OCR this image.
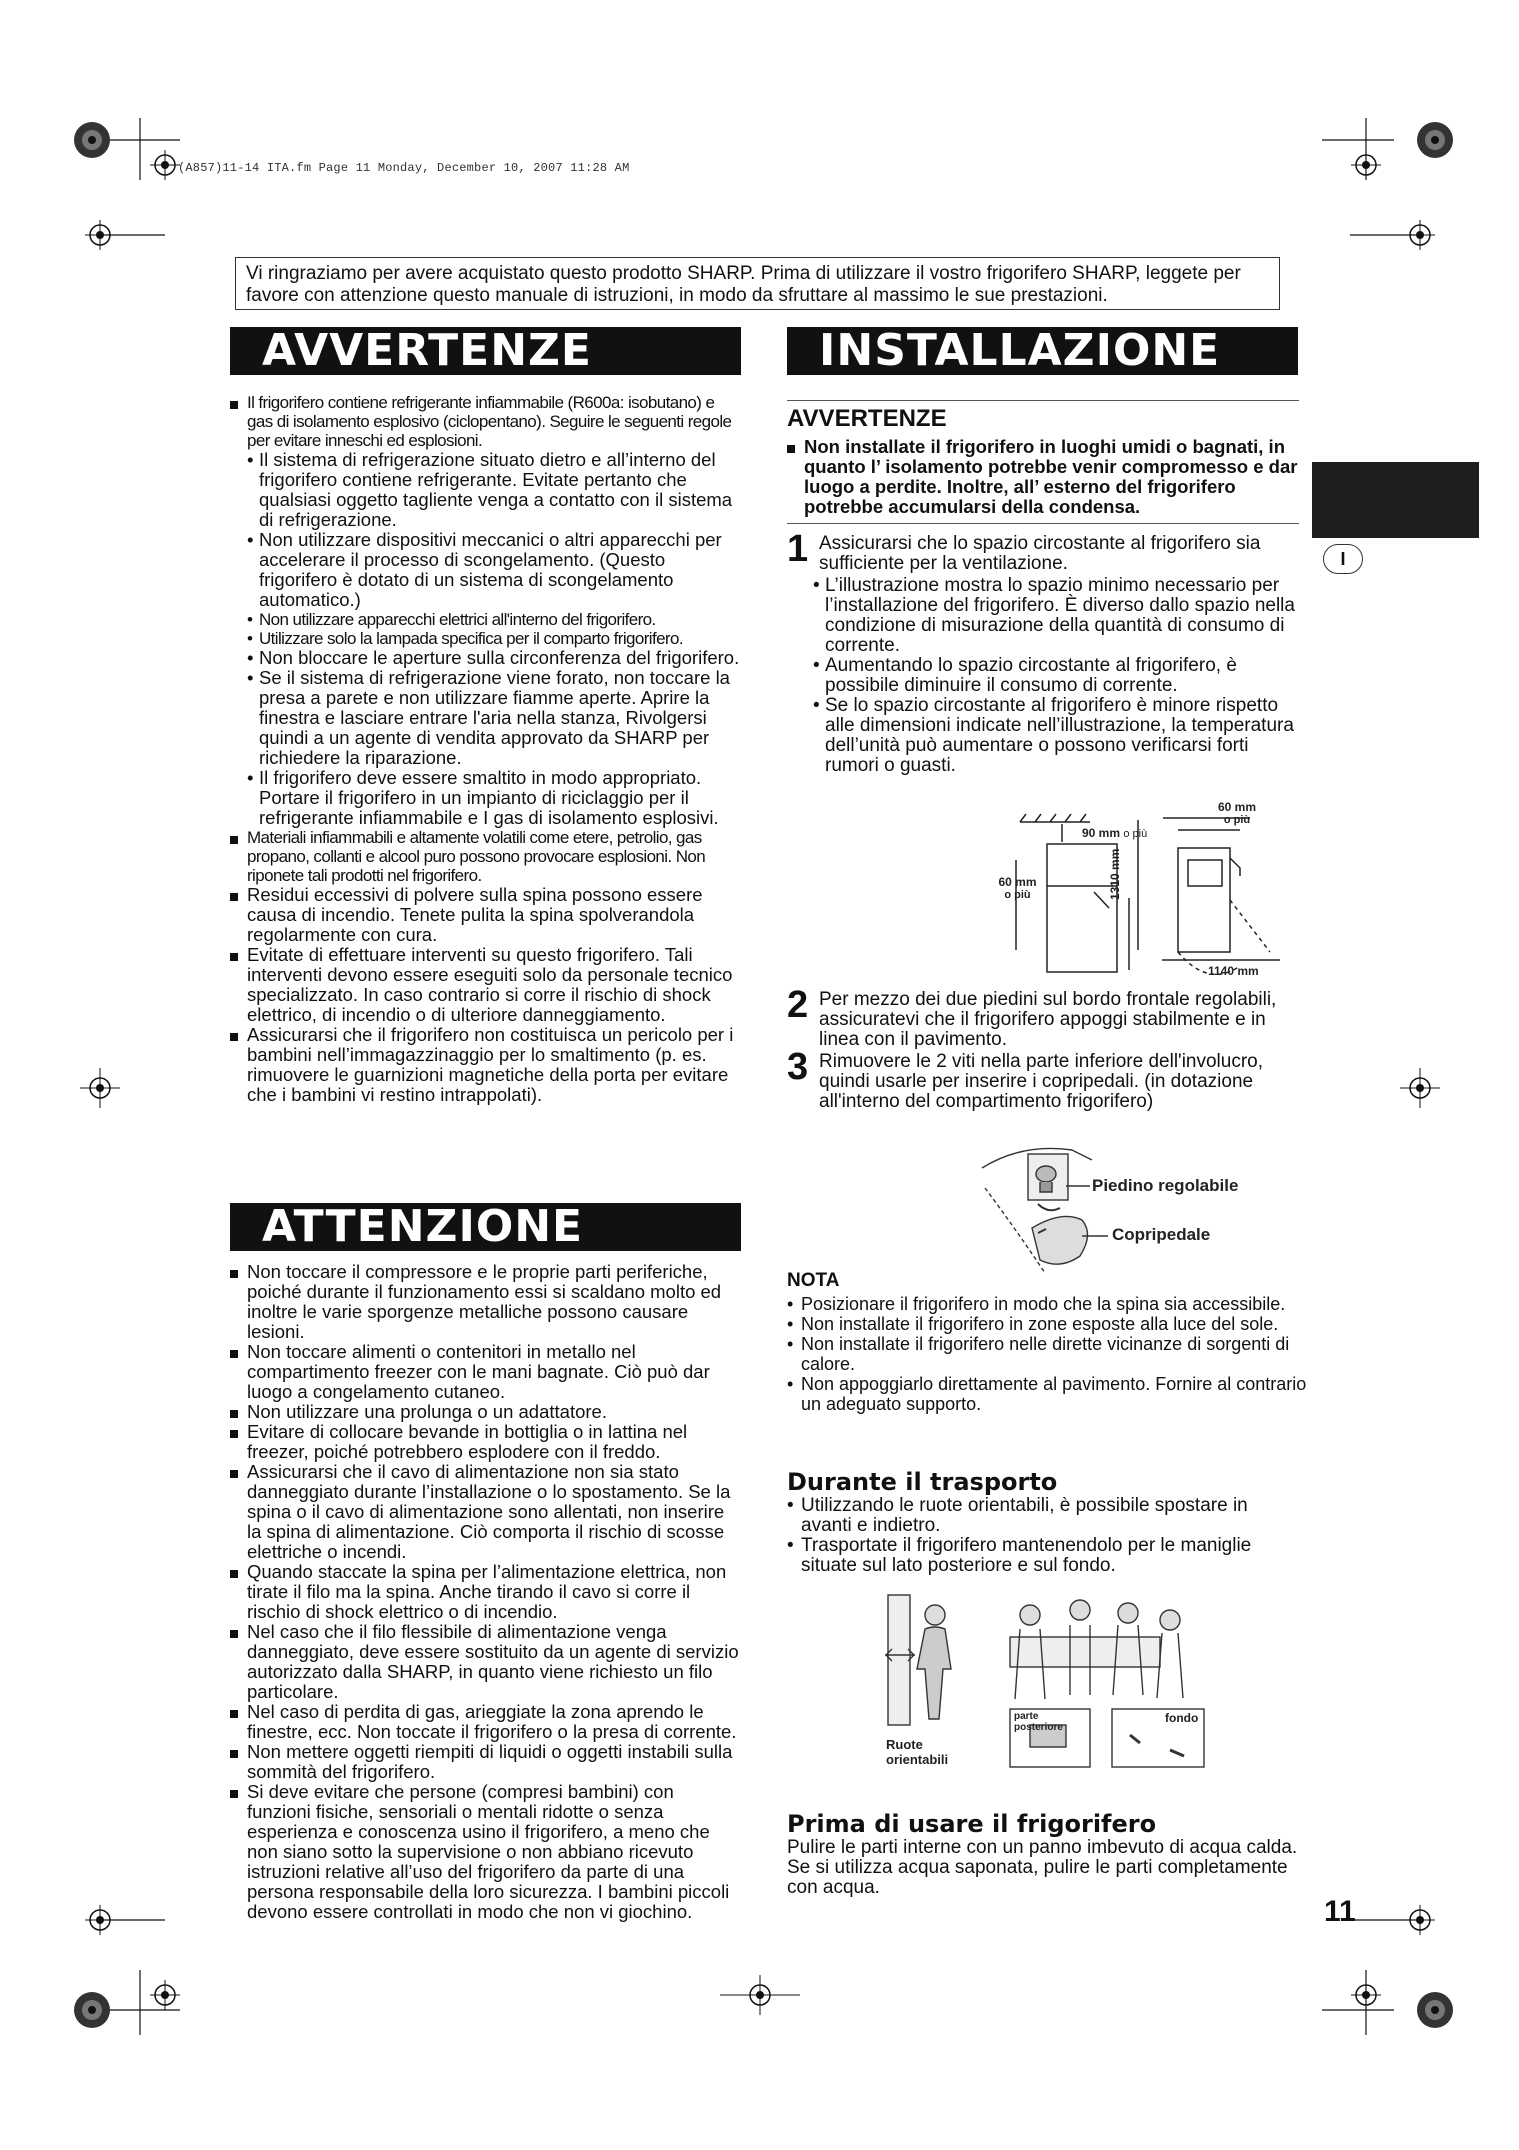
(A857)11-14 ITA.fm Page 11 Monday, December 10, 2007 11:28 AM
Vi ringraziamo per avere acquistato questo prodotto SHARP. Prima di utilizzare il vostro frigorifero SHARP, leggete per favore con attenzione questo manuale di istruzioni, in modo da sfruttare al massimo le sue prestazioni.
AVVERTENZE
Il frigorifero contiene refrigerante infiammabile (R600a: isobutano) e gas di isolamento esplosivo (ciclopentano). Seguire le seguenti regole per evitare inneschi ed esplosioni.
• Il sistema di refrigerazione situato dietro e all’interno del frigorifero contiene refrigerante. Evitate pertanto che qualsiasi oggetto tagliente venga a contatto con il sistema di refrigerazione.
• Non utilizzare dispositivi meccanici o altri apparecchi per accelerare il processo di scongelamento. (Questo frigorifero è dotato di un sistema di scongelamento automatico.)
• Non utilizzare apparecchi elettrici all'interno del frigorifero.
• Utilizzare solo la lampada specifica per il comparto frigorifero.
• Non bloccare le aperture sulla circonferenza del frigorifero.
• Se il sistema di refrigerazione viene forato, non toccare la presa a parete e non utilizzare fiamme aperte. Aprire la finestra e lasciare entrare l'aria nella stanza, Rivolgersi quindi a un agente di vendita approvato da SHARP per richiedere la riparazione.
• Il frigorifero deve essere smaltito in modo appropriato. Portare il frigorifero in un impianto di riciclaggio per il refrigerante infiammabile e I gas di isolamento esplosivi.
Materiali infiammabili e altamente volatili come etere, petrolio, gas propano, collanti e alcool puro possono provocare esplosioni. Non riponete tali prodotti nel frigorifero.
Residui eccessivi di polvere sulla spina possono essere causa di incendio. Tenete pulita la spina spolverandola regolarmente con cura.
Evitate di effettuare interventi su questo frigorifero. Tali interventi devono essere eseguiti solo da personale tecnico specializzato. In caso contrario si corre il rischio di shock elettrico, di incendio o di ulteriore danneggiamento.
Assicurarsi che il frigorifero non costituisca un pericolo per i bambini nell’immagazzinaggio per lo smaltimento (p. es. rimuovere le guarnizioni magnetiche della porta per evitare che i bambini vi restino intrappolati).
ATTENZIONE
Non toccare il compressore e le proprie parti periferiche, poiché durante il funzionamento essi si scaldano molto ed inoltre le varie sporgenze metalliche possono causare lesioni.
Non toccare alimenti o contenitori in metallo nel compartimento freezer con le mani bagnate. Ciò può dar luogo a congelamento cutaneo.
Non utilizzare una prolunga o un adattatore.
Evitare di collocare bevande in bottiglia o in lattina nel freezer, poiché potrebbero esplodere con il freddo.
Assicurarsi che il cavo di alimentazione non sia stato danneggiato durante l’installazione o lo spostamento. Se la spina o il cavo di alimentazione sono allentati, non inserire la spina di alimentazione. Ciò comporta il rischio di scosse elettriche o incendi.
Quando staccate la spina per l’alimentazione elettrica, non tirate il filo ma la spina. Anche tirando il cavo si corre il rischio di shock elettrico o di incendio.
Nel caso che il filo flessibile di alimentazione venga danneggiato, deve essere sostituito da un agente di servizio autorizzato dalla SHARP, in quanto viene richiesto un filo particolare.
Nel caso di perdita di gas, arieggiate la zona aprendo le finestre, ecc. Non toccate il frigorifero o la presa di corrente.
Non mettere oggetti riempiti di liquidi o oggetti instabili sulla sommità del frigorifero.
Si deve evitare che persone (compresi bambini) con funzioni fisiche, sensoriali o mentali ridotte o senza esperienza e conoscenza usino il frigorifero, a meno che non siano sotto la supervisione o non abbiano ricevuto istruzioni relative all’uso del frigorifero da parte di una persona responsabile della loro sicurezza. I bambini piccoli devono essere controllati in modo che non vi giochino.
INSTALLAZIONE
AVVERTENZE
Non installate il frigorifero in luoghi umidi o bagnati, in quanto l’ isolamento potrebbe venir compromesso e dar luogo a perdite. Inoltre, all’ esterno del frigorifero potrebbe accumularsi della condensa.
1 Assicurarsi che lo spazio circostante al frigorifero sia sufficiente per la ventilazione.
• L’illustrazione mostra lo spazio minimo necessario per l’installazione del frigorifero. È diverso dallo spazio nella condizione di misurazione della quantità di consumo di corrente.
• Aumentando lo spazio circostante al frigorifero, è possibile diminuire il consumo di corrente.
• Se lo spazio circostante al frigorifero è minore rispetto alle dimensioni indicate nell’illustrazione, la temperatura dell’unità può aumentare o possono verificarsi forti rumori o guasti.
90 mm o più
60 mm
o più
60 mm
o più
1310 mm
1140 mm
2 Per mezzo dei due piedini sul bordo frontale regolabili, assicuratevi che il frigorifero appoggi stabilmente e in linea con il pavimento.
3 Rimuovere le 2 viti nella parte inferiore dell'involucro, quindi usarle per inserire i copripedali. (in dotazione all'interno del compartimento frigorifero)
Piedino regolabile
Copripedale
NOTA
• Posizionare il frigorifero in modo che la spina sia accessibile.
• Non installate il frigorifero in zone esposte alla luce del sole.
• Non installate il frigorifero nelle dirette vicinanze di sorgenti di calore.
• Non appoggiarlo direttamente al pavimento. Fornire al contrario un adeguato supporto.
Durante il trasporto
• Utilizzando le ruote orientabili, è possibile spostare in avanti e indietro.
• Trasportate il frigorifero mantenendolo per le maniglie situate sul lato posteriore e sul fondo.
Ruote orientabili
parte posteriore
fondo
Prima di usare il frigorifero
Pulire le parti interne con un panno imbevuto di acqua calda. Se si utilizza acqua saponata, pulire le parti completamente con acqua.
I
11
